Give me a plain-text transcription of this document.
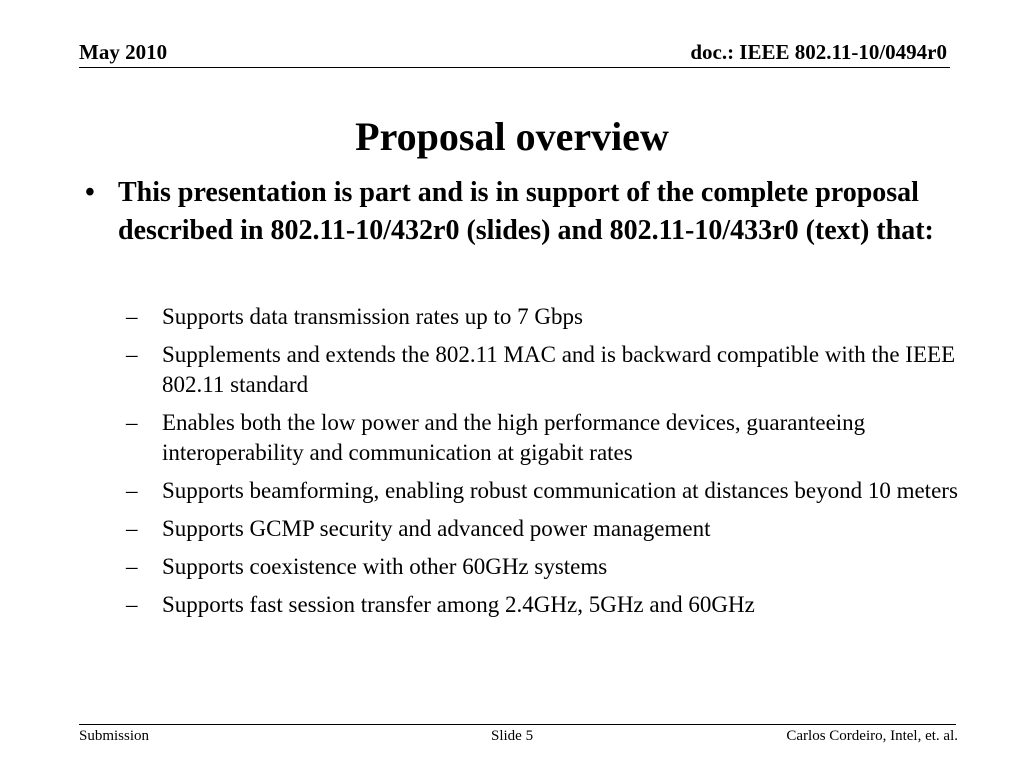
May 2010	doc.: IEEE 802.11-10/0494r0
Proposal overview
• This presentation is part and is in support of the complete proposal described in 802.11-10/432r0 (slides) and 802.11-10/433r0 (text) that:
– Supports data transmission rates up to 7 Gbps
– Supplements and extends the 802.11 MAC and is backward compatible with the IEEE 802.11 standard
– Enables both the low power and the high performance devices, guaranteeing interoperability and communication at gigabit rates
– Supports beamforming, enabling robust communication at distances beyond 10 meters
– Supports GCMP security and advanced power management
– Supports coexistence with other 60GHz systems
– Supports fast session transfer among 2.4GHz, 5GHz and 60GHz
Submission	Slide 5	Carlos Cordeiro, Intel, et. al.
